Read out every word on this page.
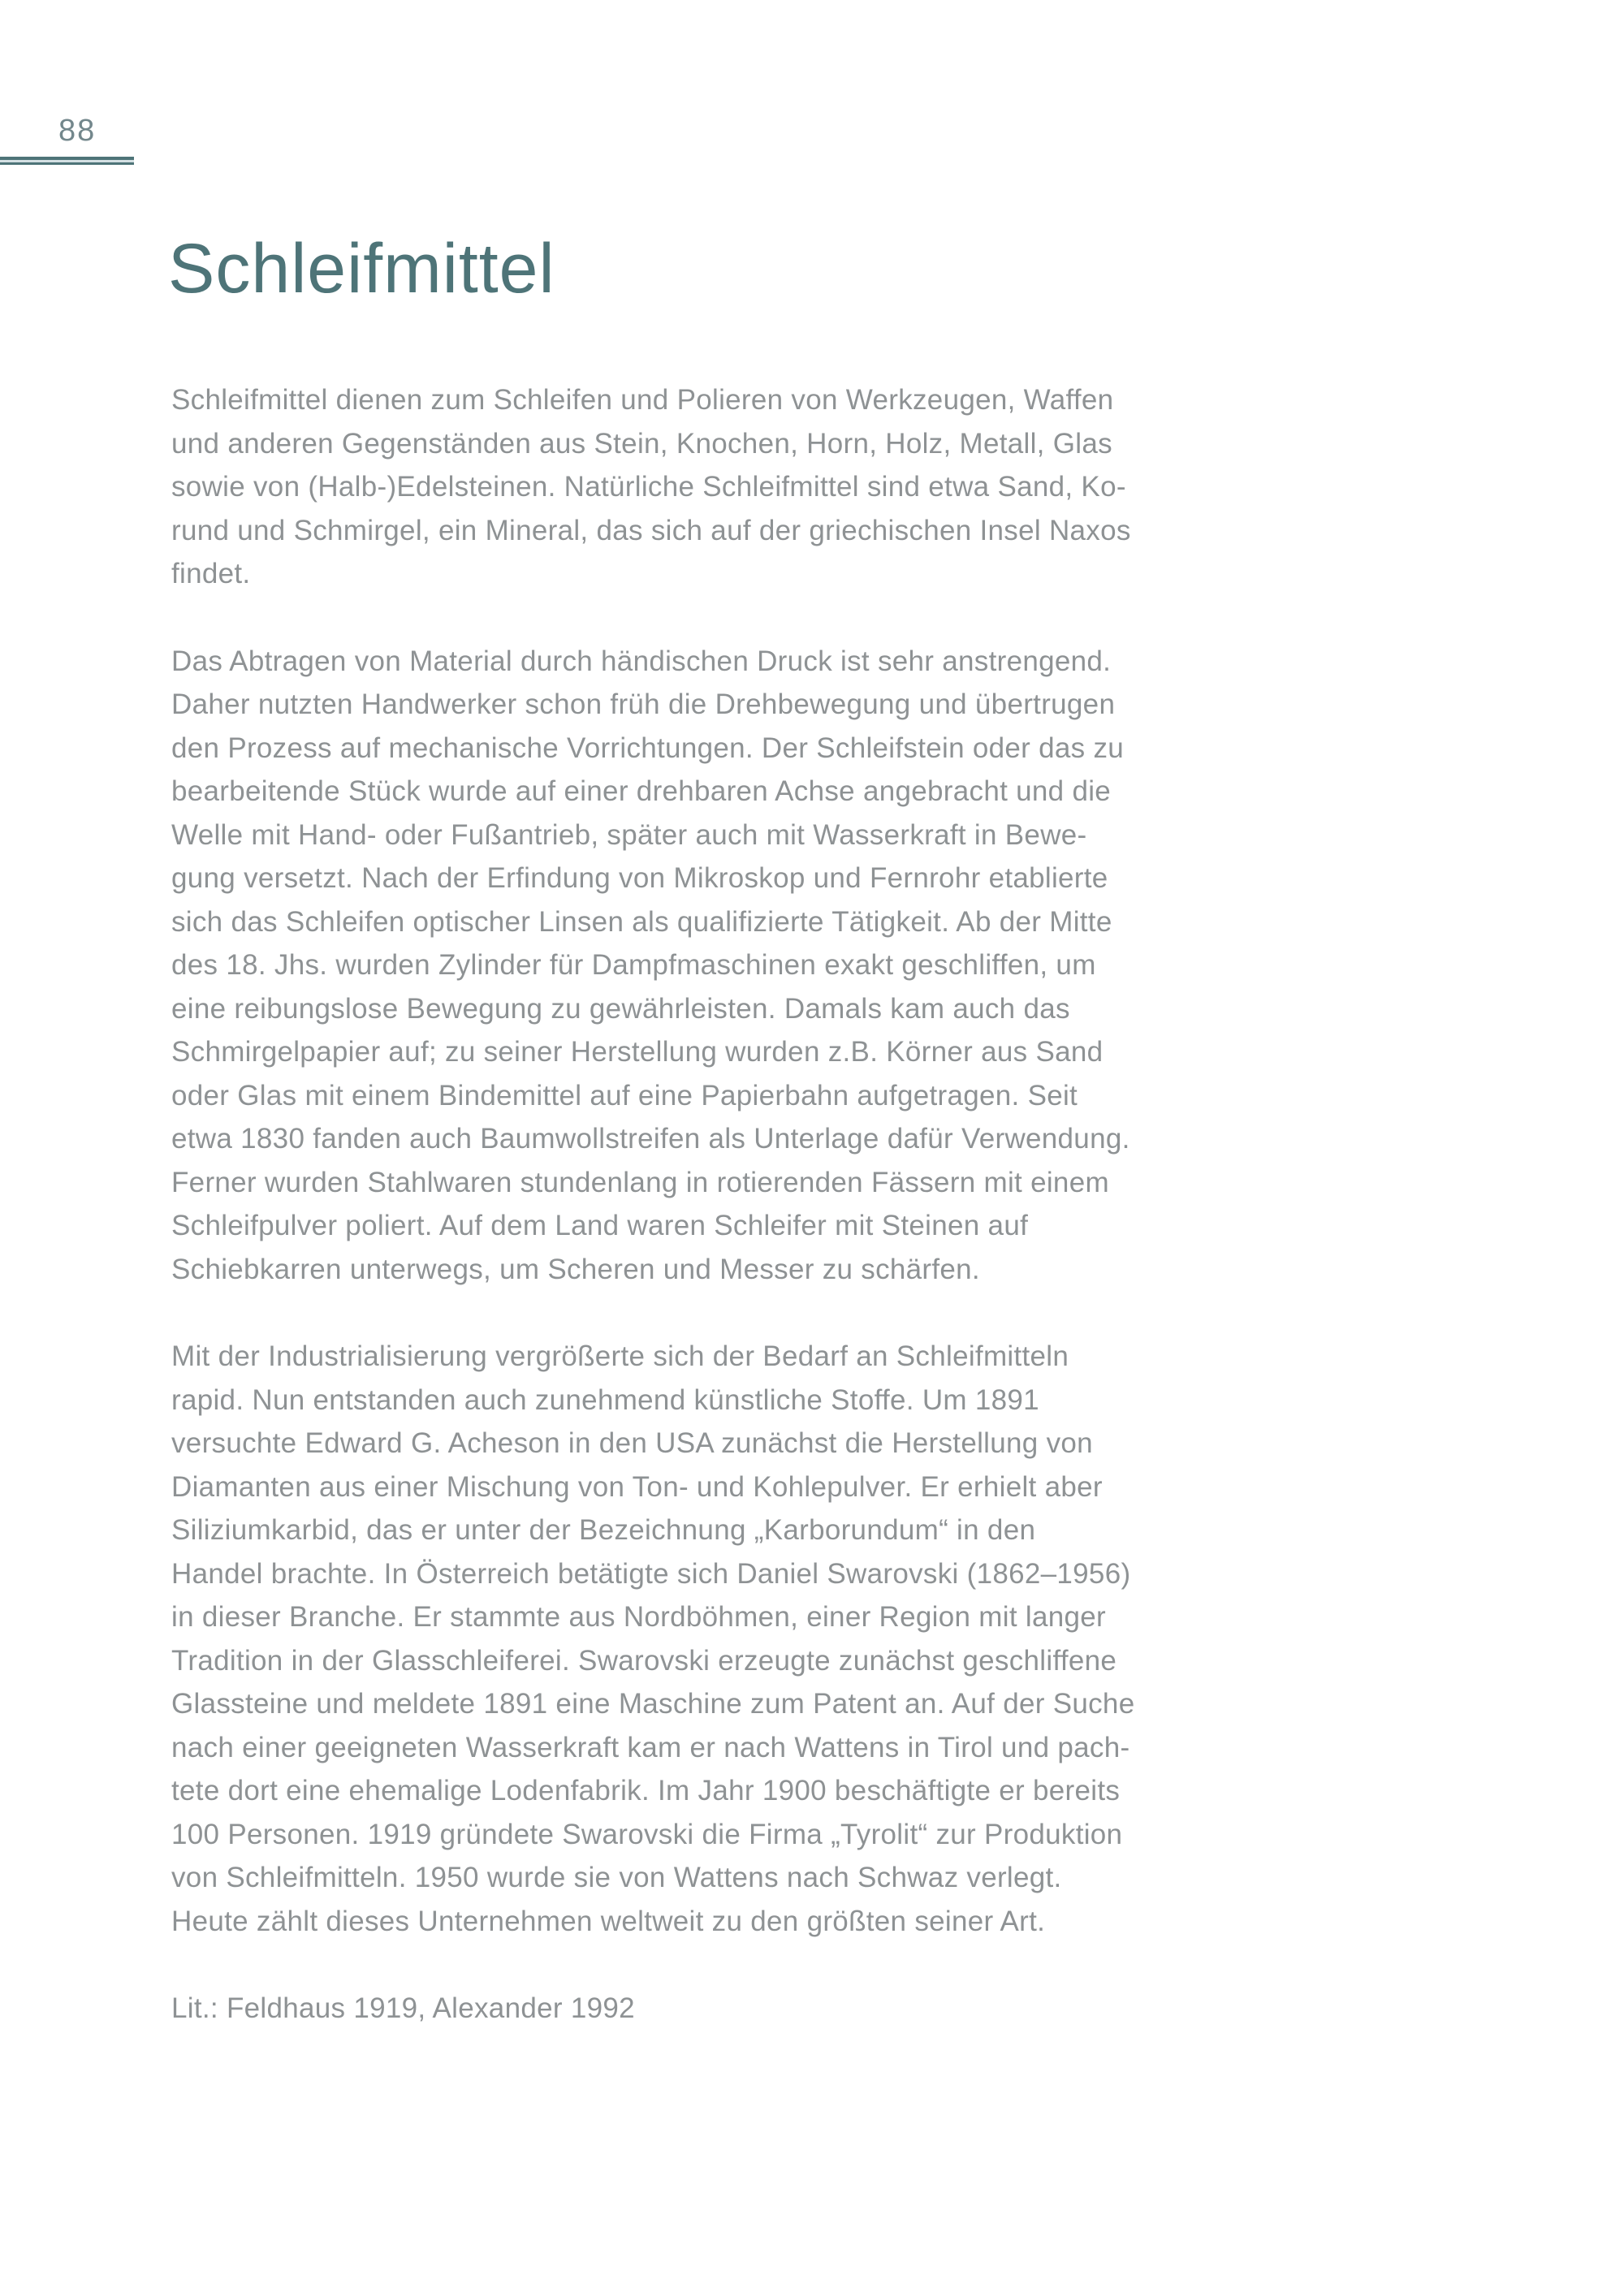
88
Schleifmittel
Schleifmittel dienen zum Schleifen und Polieren von Werkzeugen, Waffen
und anderen Gegenständen aus Stein, Knochen, Horn, Holz, Metall, Glas
sowie von (Halb-)Edelsteinen. Natürliche Schleifmittel sind etwa Sand, Ko-
rund und Schmirgel, ein Mineral, das sich auf der griechischen Insel Naxos
findet.
Das Abtragen von Material durch händischen Druck ist sehr anstrengend.
Daher nutzten Handwerker schon früh die Drehbewegung und übertrugen
den Prozess auf mechanische Vorrichtungen. Der Schleifstein oder das zu
bearbeitende Stück wurde auf einer drehbaren Achse angebracht und die
Welle mit Hand- oder Fußantrieb, später auch mit Wasserkraft in Bewe-
gung versetzt. Nach der Erfindung von Mikroskop und Fernrohr etablierte
sich das Schleifen optischer Linsen als qualifizierte Tätigkeit. Ab der Mitte
des 18. Jhs. wurden Zylinder für Dampfmaschinen exakt geschliffen, um
eine reibungslose Bewegung zu gewährleisten. Damals kam auch das
Schmirgelpapier auf; zu seiner Herstellung wurden z.B. Körner aus Sand
oder Glas mit einem Bindemittel auf eine Papierbahn aufgetragen. Seit
etwa 1830 fanden auch Baumwollstreifen als Unterlage dafür Verwendung.
Ferner wurden Stahlwaren stundenlang in rotierenden Fässern mit einem
Schleifpulver poliert. Auf dem Land waren Schleifer mit Steinen auf
Schiebkarren unterwegs, um Scheren und Messer zu schärfen.
Mit der Industrialisierung vergrößerte sich der Bedarf an Schleifmitteln
rapid. Nun entstanden auch zunehmend künstliche Stoffe. Um 1891
versuchte Edward G. Acheson in den USA zunächst die Herstellung von
Diamanten aus einer Mischung von Ton- und Kohlepulver. Er erhielt aber
Siliziumkarbid, das er unter der Bezeichnung „Karborundum“ in den
Handel brachte. In Österreich betätigte sich Daniel Swarovski (1862–1956)
in dieser Branche. Er stammte aus Nordböhmen, einer Region mit langer
Tradition in der Glasschleiferei. Swarovski erzeugte zunächst geschliffene
Glassteine und meldete 1891 eine Maschine zum Patent an. Auf der Suche
nach einer geeigneten Wasserkraft kam er nach Wattens in Tirol und pach-
tete dort eine ehemalige Lodenfabrik. Im Jahr 1900 beschäftigte er bereits
100 Personen. 1919 gründete Swarovski die Firma „Tyrolit“ zur Produktion
von Schleifmitteln. 1950 wurde sie von Wattens nach Schwaz verlegt.
Heute zählt dieses Unternehmen weltweit zu den größten seiner Art.
Lit.: Feldhaus 1919, Alexander 1992
